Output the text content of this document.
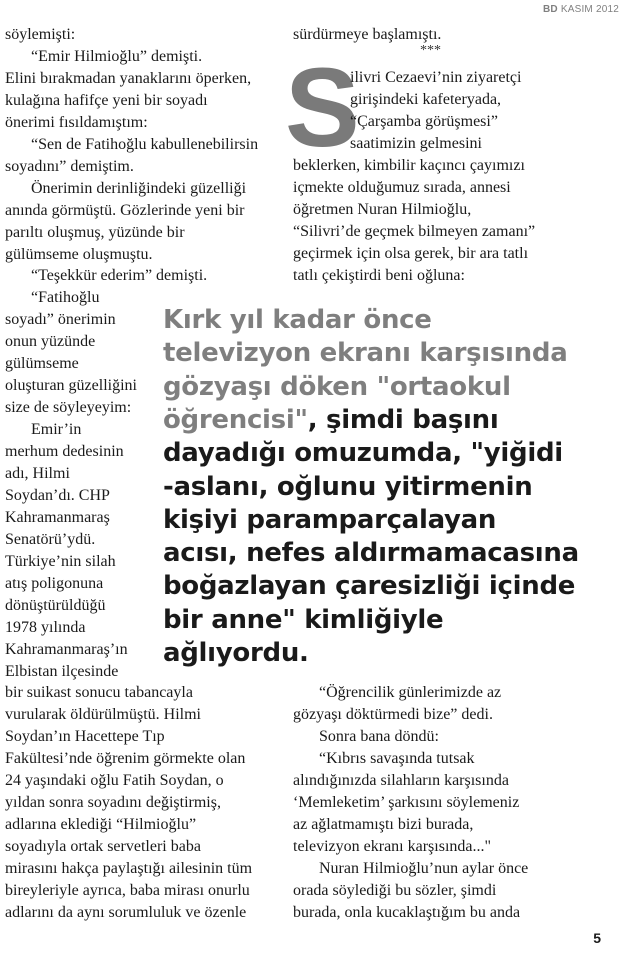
BD KASIM 2012
söylemişti:
“Emir Hilmioğlu” demişti.
Elini bırakmadan yanaklarını öperken,
kulağına hafifçe yeni bir soyadı
önerimi fısıldamıştım:
“Sen de Fatihoğlu kabullenebilirsin
soyadını” demiştim.
Önerimin derinliğindeki güzelliği
anında görmüştü. Gözlerinde yeni bir
parıltı oluşmuş, yüzünde bir
gülümseme oluşmuştu.
“Teşekkür ederim” demişti.
“Fatihoğlu
soyadı” önerimin
onun yüzünde
gülümseme
oluşturan güzelliğini
size de söyleyeyim:
Emir’in
merhum dedesinin
adı, Hilmi
Soydan’dı. CHP
Kahramanmaraş
Senatörü’ydü.
Türkiye’nin silah
atış poligonuna
dönüştürüldüğü
1978 yılında
Kahramanmaraş’ın
Elbistan ilçesinde
bir suikast sonucu tabancayla
vurularak öldürülmüştü. Hilmi
Soydan’ın Hacettepe Tıp
Fakültesi’nde öğrenim görmekte olan
24 yaşındaki oğlu Fatih Soydan, o
yıldan sonra soyadını değiştirmiş,
adlarına eklediği “Hilmioğlu”
soyadıyla ortak servetleri baba
mirasını hakça paylaştığı ailesinin tüm
bireyleriyle ayrıca, baba mirası onurlu
adlarını da aynı sorumluluk ve özenle
sürdürmeye başlamıştı.
***
S
ilivri Cezaevi’nin ziyaretçi
girişindeki kafeteryada,
“Çarşamba görüşmesi”
saatimizin gelmesini
beklerken, kimbilir kaçıncı çayımızı
içmekte olduğumuz sırada, annesi
öğretmen Nuran Hilmioğlu,
“Silivri’de geçmek bilmeyen zamanı”
geçirmek için olsa gerek, bir ara tatlı
tatlı çekiştirdi beni oğluna:
Kırk yıl kadar önce
televizyon ekranı karşısında
gözyaşı döken "ortaokul
öğrencisi", şimdi başını
dayadığı omuzumda, "yiğidi
-aslanı, oğlunu yitirmenin
kişiyi paramparçalayan
acısı, nefes aldırmamacasına
boğazlayan çaresizliği içinde
bir anne" kimliğiyle
ağlıyordu.
“Öğrencilik günlerimizde az
gözyaşı döktürmedi bize” dedi.
Sonra bana döndü:
“Kıbrıs savaşında tutsak
alındığınızda silahların karşısında
‘Memleketim’ şarkısını söylemeniz
az ağlatmamıştı bizi burada,
televizyon ekranı karşısında..."
Nuran Hilmioğlu’nun aylar önce
orada söylediği bu sözler, şimdi
burada, onla kucaklaştığım bu anda
5
